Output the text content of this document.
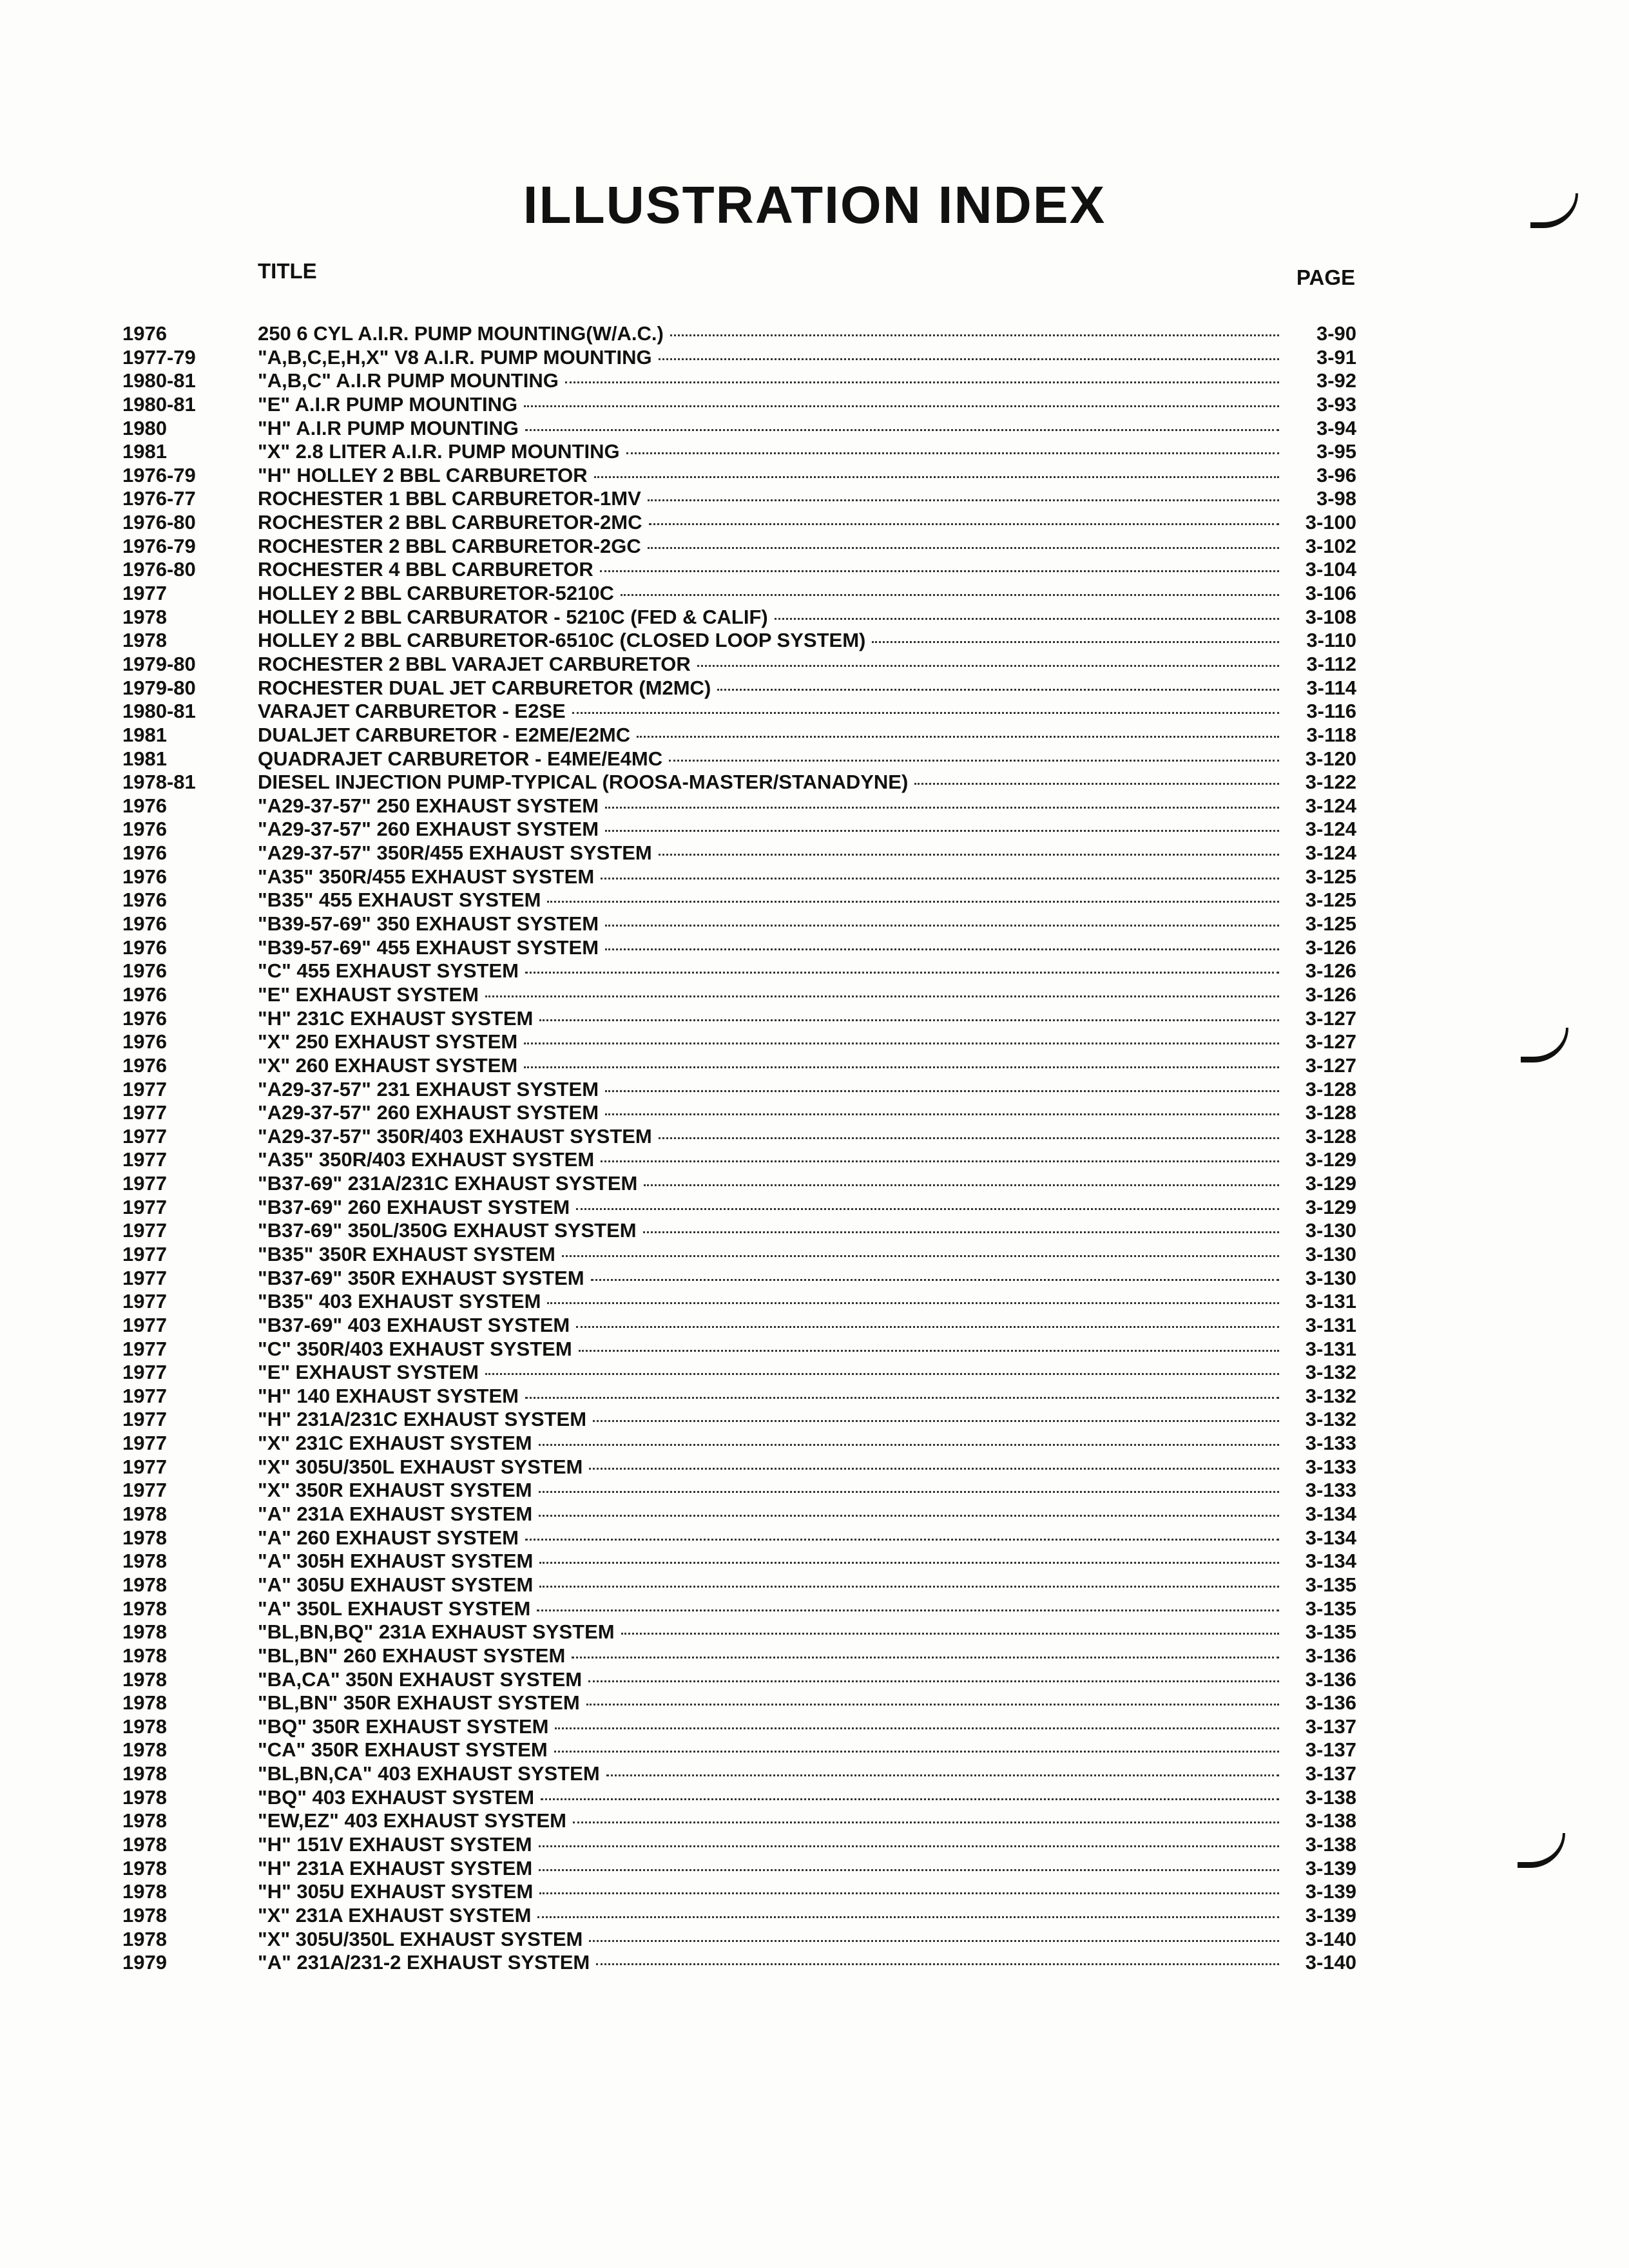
ILLUSTRATION INDEX
TITLE	PAGE
1976	250 6 CYL A.I.R. PUMP MOUNTING(W/A.C.)	3-90
1977-79	"A,B,C,E,H,X" V8 A.I.R. PUMP MOUNTING	3-91
1980-81	"A,B,C" A.I.R PUMP MOUNTING	3-92
1980-81	"E" A.I.R PUMP MOUNTING	3-93
1980	"H" A.I.R PUMP MOUNTING	3-94
1981	"X" 2.8 LITER A.I.R. PUMP MOUNTING	3-95
1976-79	"H" HOLLEY 2 BBL CARBURETOR	3-96
1976-77	ROCHESTER 1 BBL CARBURETOR-1MV	3-98
1976-80	ROCHESTER 2 BBL CARBURETOR-2MC	3-100
1976-79	ROCHESTER 2 BBL CARBURETOR-2GC	3-102
1976-80	ROCHESTER 4 BBL CARBURETOR	3-104
1977	HOLLEY 2 BBL CARBURETOR-5210C	3-106
1978	HOLLEY 2 BBL CARBURATOR - 5210C (FED & CALIF)	3-108
1978	HOLLEY 2 BBL CARBURETOR-6510C (CLOSED LOOP SYSTEM)	3-110
1979-80	ROCHESTER 2 BBL VARAJET CARBURETOR	3-112
1979-80	ROCHESTER DUAL JET CARBURETOR (M2MC)	3-114
1980-81	VARAJET CARBURETOR - E2SE	3-116
1981	DUALJET CARBURETOR - E2ME/E2MC	3-118
1981	QUADRAJET CARBURETOR - E4ME/E4MC	3-120
1978-81	DIESEL INJECTION PUMP-TYPICAL (ROOSA-MASTER/STANADYNE)	3-122
1976	"A29-37-57" 250 EXHAUST SYSTEM	3-124
1976	"A29-37-57" 260 EXHAUST SYSTEM	3-124
1976	"A29-37-57" 350R/455 EXHAUST SYSTEM	3-124
1976	"A35" 350R/455 EXHAUST SYSTEM	3-125
1976	"B35" 455 EXHAUST SYSTEM	3-125
1976	"B39-57-69" 350 EXHAUST SYSTEM	3-125
1976	"B39-57-69" 455 EXHAUST SYSTEM	3-126
1976	"C" 455 EXHAUST SYSTEM	3-126
1976	"E" EXHAUST SYSTEM	3-126
1976	"H" 231C EXHAUST SYSTEM	3-127
1976	"X" 250 EXHAUST SYSTEM	3-127
1976	"X" 260 EXHAUST SYSTEM	3-127
1977	"A29-37-57" 231 EXHAUST SYSTEM	3-128
1977	"A29-37-57" 260 EXHAUST SYSTEM	3-128
1977	"A29-37-57" 350R/403 EXHAUST SYSTEM	3-128
1977	"A35" 350R/403 EXHAUST SYSTEM	3-129
1977	"B37-69" 231A/231C EXHAUST SYSTEM	3-129
1977	"B37-69" 260 EXHAUST SYSTEM	3-129
1977	"B37-69" 350L/350G EXHAUST SYSTEM	3-130
1977	"B35" 350R EXHAUST SYSTEM	3-130
1977	"B37-69" 350R EXHAUST SYSTEM	3-130
1977	"B35" 403 EXHAUST SYSTEM	3-131
1977	"B37-69" 403 EXHAUST SYSTEM	3-131
1977	"C" 350R/403 EXHAUST SYSTEM	3-131
1977	"E" EXHAUST SYSTEM	3-132
1977	"H" 140 EXHAUST SYSTEM	3-132
1977	"H" 231A/231C EXHAUST SYSTEM	3-132
1977	"X" 231C EXHAUST SYSTEM	3-133
1977	"X" 305U/350L EXHAUST SYSTEM	3-133
1977	"X" 350R EXHAUST SYSTEM	3-133
1978	"A" 231A EXHAUST SYSTEM	3-134
1978	"A" 260 EXHAUST SYSTEM	3-134
1978	"A" 305H EXHAUST SYSTEM	3-134
1978	"A" 305U EXHAUST SYSTEM	3-135
1978	"A" 350L EXHAUST SYSTEM	3-135
1978	"BL,BN,BQ" 231A EXHAUST SYSTEM	3-135
1978	"BL,BN" 260 EXHAUST SYSTEM	3-136
1978	"BA,CA" 350N EXHAUST SYSTEM	3-136
1978	"BL,BN" 350R EXHAUST SYSTEM	3-136
1978	"BQ" 350R EXHAUST SYSTEM	3-137
1978	"CA" 350R EXHAUST SYSTEM	3-137
1978	"BL,BN,CA" 403 EXHAUST SYSTEM	3-137
1978	"BQ" 403 EXHAUST SYSTEM	3-138
1978	"EW,EZ" 403 EXHAUST SYSTEM	3-138
1978	"H" 151V EXHAUST SYSTEM	3-138
1978	"H" 231A EXHAUST SYSTEM	3-139
1978	"H" 305U EXHAUST SYSTEM	3-139
1978	"X" 231A EXHAUST SYSTEM	3-139
1978	"X" 305U/350L EXHAUST SYSTEM	3-140
1979	"A" 231A/231-2 EXHAUST SYSTEM	3-140
